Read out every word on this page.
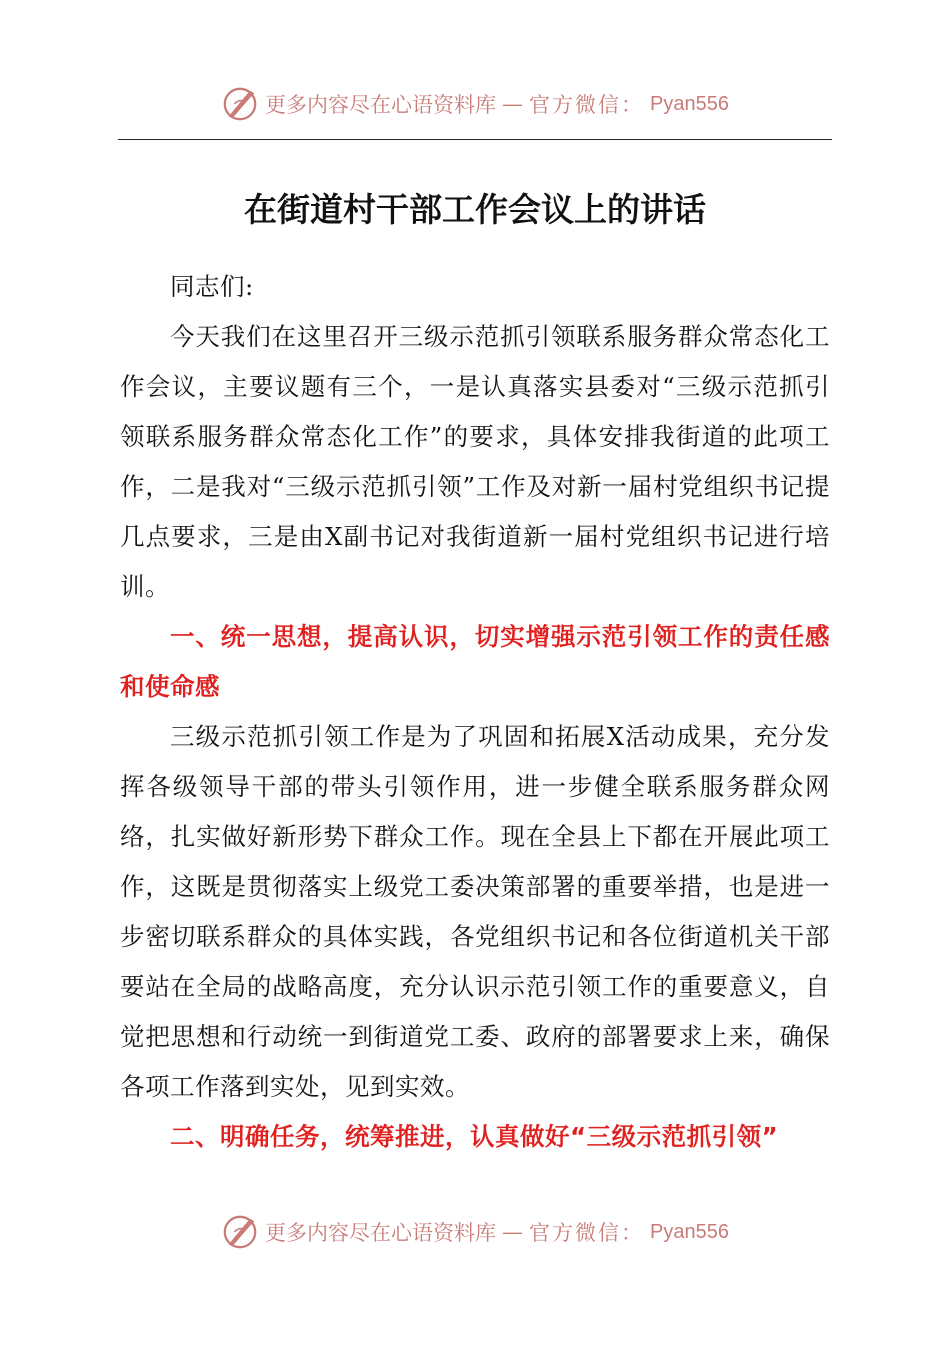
更多内容尽在心语资料库 — 官方微信： Pyan556
在街道村干部工作会议上的讲话

同志们:

今天我们在这里召开三级示范抓引领联系服务群众常态化工作会议，主要议题有三个，一是认真落实县委对“三级示范抓引领联系服务群众常态化工作”的要求，具体安排我街道的此项工作，二是我对“三级示范抓引领”工作及对新一届村党组织书记提几点要求，三是由X副书记对我街道新一届村党组织书记进行培训。

一、统一思想，提高认识，切实增强示范引领工作的责任感和使命感

三级示范抓引领工作是为了巩固和拓展X活动成果，充分发挥各级领导干部的带头引领作用，进一步健全联系服务群众网络，扎实做好新形势下群众工作。现在全县上下都在开展此项工作，这既是贯彻落实上级党工委决策部署的重要举措，也是进一步密切联系群众的具体实践，各党组织书记和各位街道机关干部要站在全局的战略高度，充分认识示范引领工作的重要意义，自觉把思想和行动统一到街道党工委、政府的部署要求上来，确保各项工作落到实处，见到实效。

二、明确任务，统筹推进，认真做好“三级示范抓引领”

更多内容尽在心语资料库 — 官方微信： Pyan556
